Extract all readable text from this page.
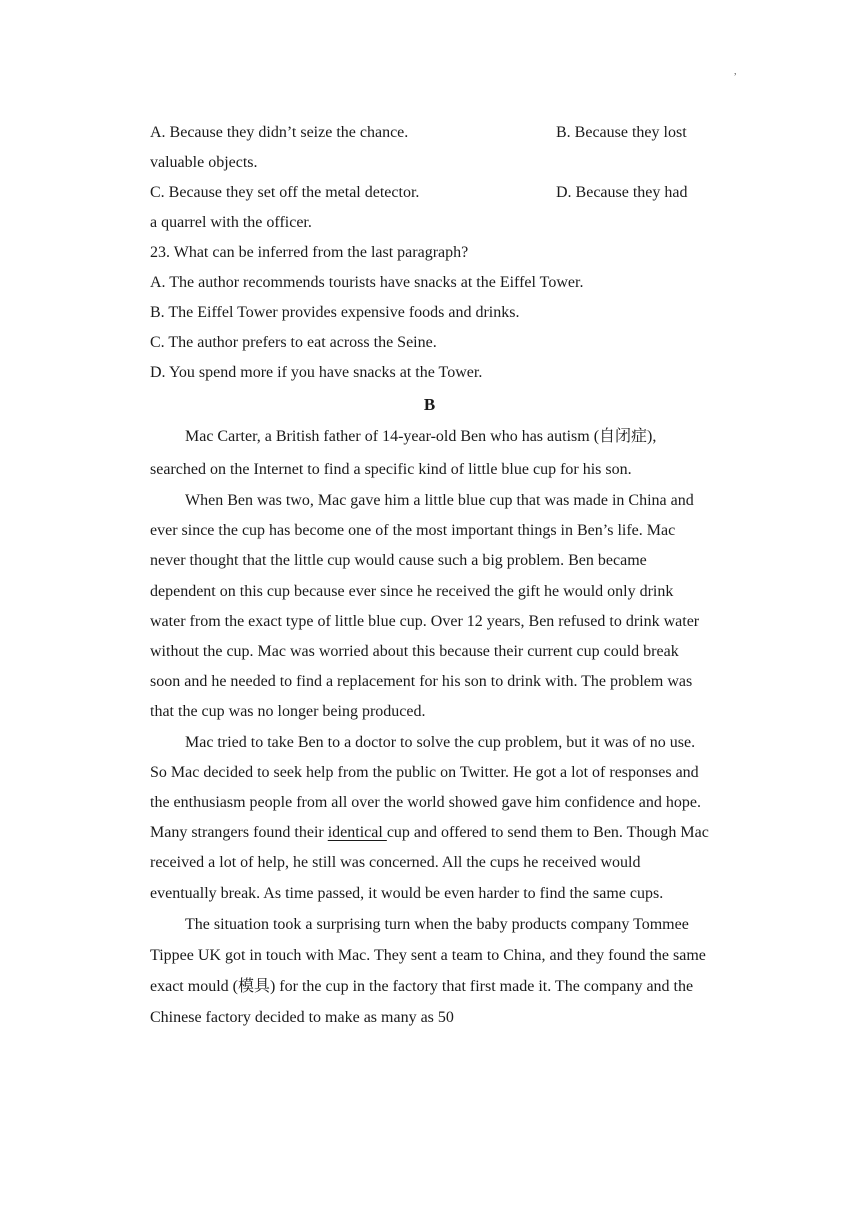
,
A. Because they didn’t seize the chance.	B. Because they lost
valuable objects.
C. Because they set off the metal detector.	D. Because they had
a quarrel with the officer.
23. What can be inferred from the last paragraph?
A. The author recommends tourists have snacks at the Eiffel Tower.
B. The Eiffel Tower provides expensive foods and drinks.
C. The author prefers to eat across the Seine.
D. You spend more if you have snacks at the Tower.
B

Mac Carter, a British father of 14-year-old Ben who has autism (自闭症), searched on the Internet to find a specific kind of little blue cup for his son.

When Ben was two, Mac gave him a little blue cup that was made in China and ever since the cup has become one of the most important things in Ben’s life. Mac never thought that the little cup would cause such a big problem. Ben became dependent on this cup because ever since he received the gift he would only drink water from the exact type of little blue cup. Over 12 years, Ben refused to drink water without the cup. Mac was worried about this because their current cup could break soon and he needed to find a replacement for his son to drink with. The problem was that the cup was no longer being produced.

Mac tried to take Ben to a doctor to solve the cup problem, but it was of no use. So Mac decided to seek help from the public on Twitter. He got a lot of responses and the enthusiasm people from all over the world showed gave him confidence and hope. Many strangers found their identical cup and offered to send them to Ben. Though Mac received a lot of help, he still was concerned. All the cups he received would eventually break. As time passed, it would be even harder to find the same cups.

The situation took a surprising turn when the baby products company Tommee Tippee UK got in touch with Mac. They sent a team to China, and they found the same exact mould (模具) for the cup in the factory that first made it. The company and the Chinese factory decided to make as many as 50
